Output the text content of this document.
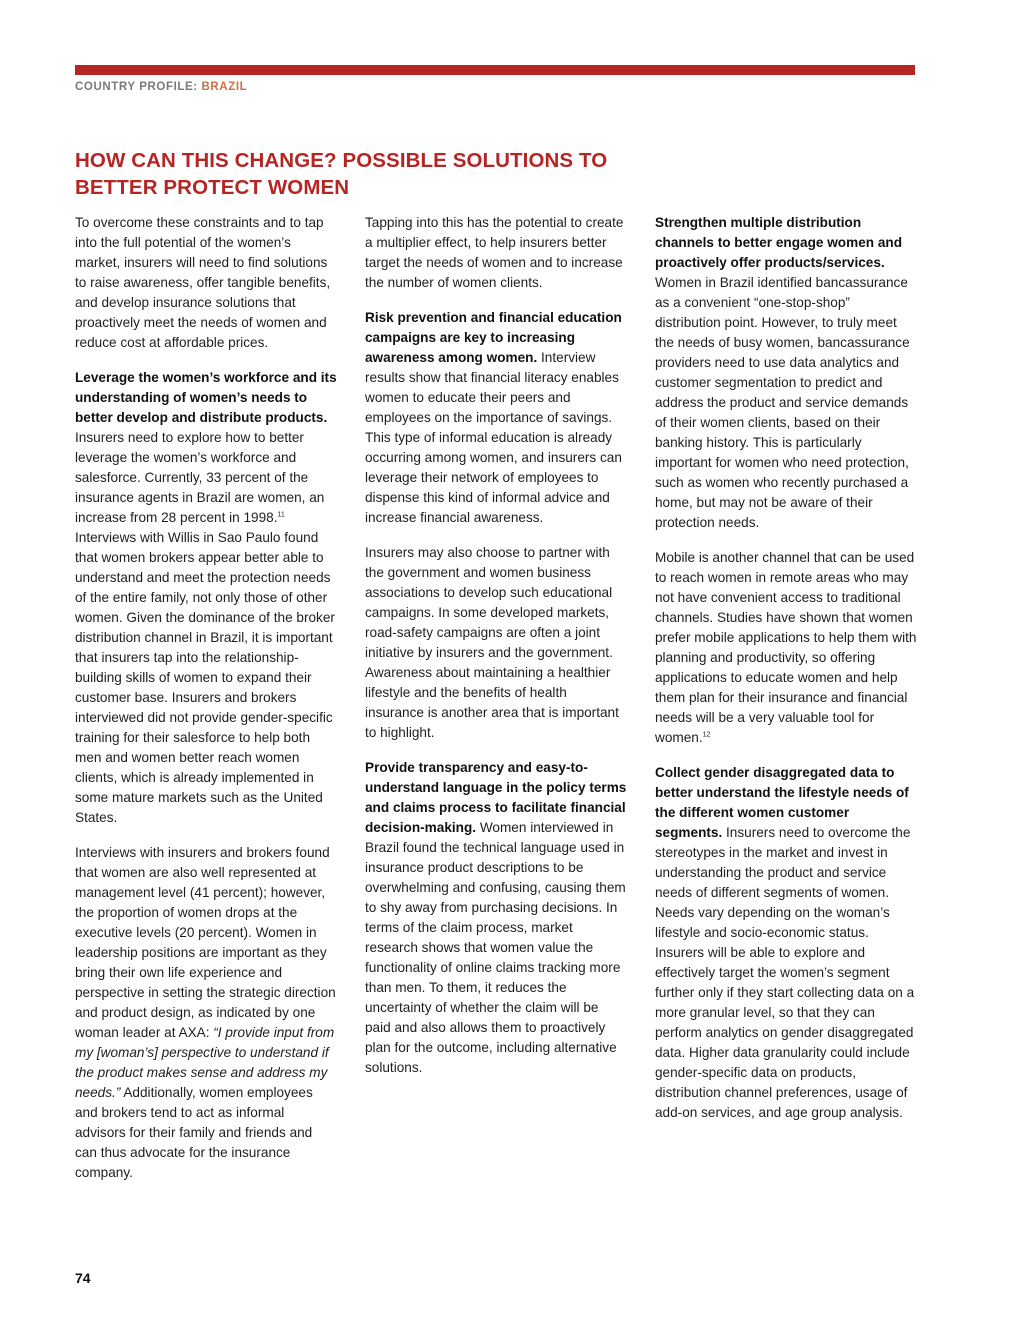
COUNTRY PROFILE: BRAZIL
HOW CAN THIS CHANGE? POSSIBLE SOLUTIONS TO BETTER PROTECT WOMEN

To overcome these constraints and to tap into the full potential of the women’s market, insurers will need to find solutions to raise awareness, offer tangible benefits, and develop insurance solutions that proactively meet the needs of women and reduce cost at affordable prices.

Leverage the women’s workforce and its understanding of women’s needs to better develop and distribute products. Insurers need to explore how to better leverage the women’s workforce and salesforce. Currently, 33 percent of the insurance agents in Brazil are women, an increase from 28 percent in 1998.11 Interviews with Willis in Sao Paulo found that women brokers appear better able to understand and meet the protection needs of the entire family, not only those of other women. Given the dominance of the broker distribution channel in Brazil, it is important that insurers tap into the relationship-building skills of women to expand their customer base. Insurers and brokers interviewed did not provide gender-specific training for their salesforce to help both men and women better reach women clients, which is already implemented in some mature markets such as the United States.

Interviews with insurers and brokers found that women are also well represented at management level (41 percent); however, the proportion of women drops at the executive levels (20 percent). Women in leadership positions are important as they bring their own life experience and perspective in setting the strategic direction and product design, as indicated by one woman leader at AXA: “I provide input from my [woman’s] perspective to understand if the product makes sense and address my needs.” Additionally, women employees and brokers tend to act as informal advisors for their family and friends and can thus advocate for the insurance company.

Tapping into this has the potential to create a multiplier effect, to help insurers better target the needs of women and to increase the number of women clients.

Risk prevention and financial education campaigns are key to increasing awareness among women. Interview results show that financial literacy enables women to educate their peers and employees on the importance of savings. This type of informal education is already occurring among women, and insurers can leverage their network of employees to dispense this kind of informal advice and increase financial awareness.

Insurers may also choose to partner with the government and women business associations to develop such educational campaigns. In some developed markets, road-safety campaigns are often a joint initiative by insurers and the government. Awareness about maintaining a healthier lifestyle and the benefits of health insurance is another area that is important to highlight.

Provide transparency and easy-to-understand language in the policy terms and claims process to facilitate financial decision-making. Women interviewed in Brazil found the technical language used in insurance product descriptions to be overwhelming and confusing, causing them to shy away from purchasing decisions. In terms of the claim process, market research shows that women value the functionality of online claims tracking more than men. To them, it reduces the uncertainty of whether the claim will be paid and also allows them to proactively plan for the outcome, including alternative solutions.

Strengthen multiple distribution channels to better engage women and proactively offer products/services. Women in Brazil identified bancassurance as a convenient “one-stop-shop” distribution point. However, to truly meet the needs of busy women, bancassurance providers need to use data analytics and customer segmentation to predict and address the product and service demands of their women clients, based on their banking history. This is particularly important for women who need protection, such as women who recently purchased a home, but may not be aware of their protection needs.

Mobile is another channel that can be used to reach women in remote areas who may not have convenient access to traditional channels. Studies have shown that women prefer mobile applications to help them with planning and productivity, so offering applications to educate women and help them plan for their insurance and financial needs will be a very valuable tool for women.$^{12}$

Collect gender disaggregated data to better understand the lifestyle needs of the different women customer segments. Insurers need to overcome the stereotypes in the market and invest in understanding the product and service needs of different segments of women. Needs vary depending on the woman’s lifestyle and socio-economic status. Insurers will be able to explore and effectively target the women’s segment further only if they start collecting data on a more granular level, so that they can perform analytics on gender disaggregated data. Higher data granularity could include gender-specific data on products, distribution channel preferences, usage of add-on services, and age group analysis.

74
